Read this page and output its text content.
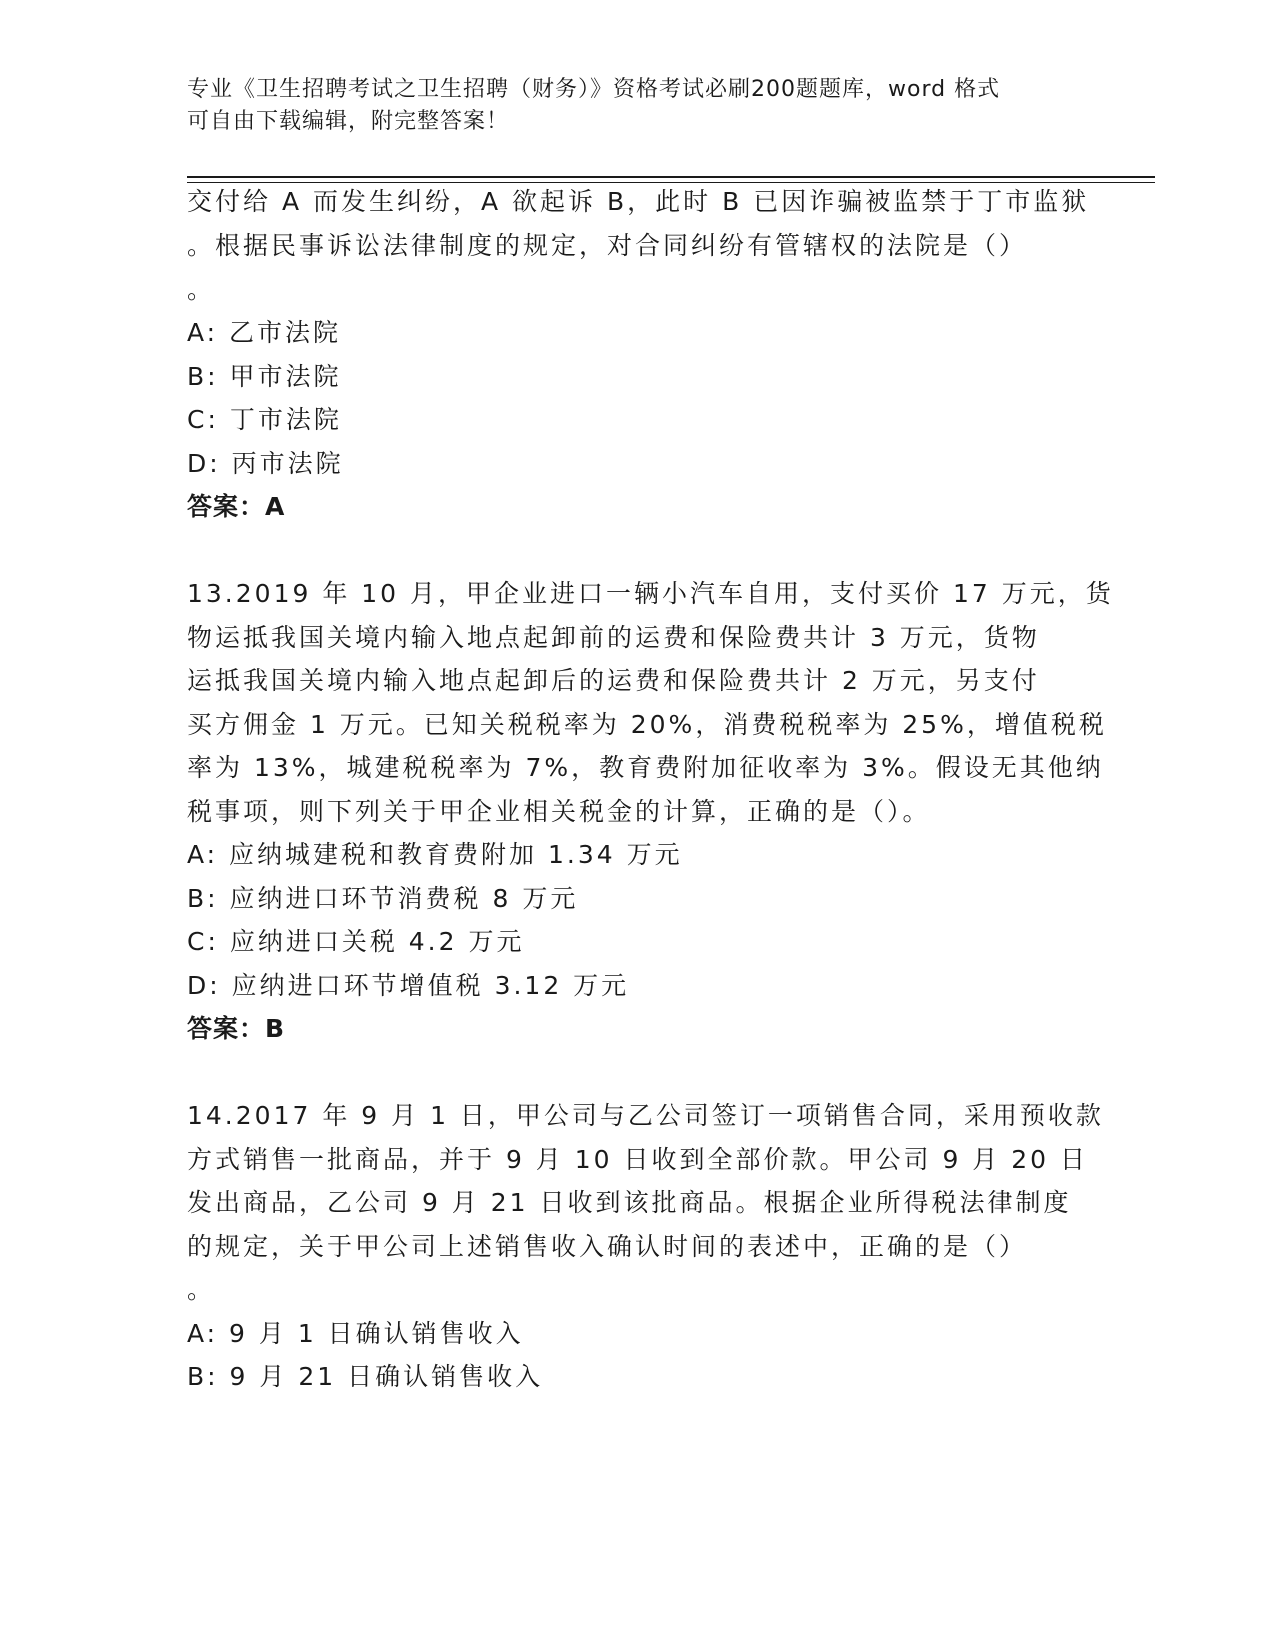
专业《卫生招聘考试之卫生招聘（财务）》资格考试必刷200题题库，word 格式
可自由下载编辑，附完整答案！
交付给 A 而发生纠纷，A 欲起诉 B，此时 B 已因诈骗被监禁于丁市监狱
。根据民事诉讼法律制度的规定，对合同纠纷有管辖权的法院是（）
。
A: 乙市法院
B: 甲市法院
C: 丁市法院
D: 丙市法院
答案：A
13.2019 年 10 月，甲企业进口一辆小汽车自用，支付买价 17 万元，货
物运抵我国关境内输入地点起卸前的运费和保险费共计 3 万元，货物
运抵我国关境内输入地点起卸后的运费和保险费共计 2 万元，另支付
买方佣金 1 万元。已知关税税率为 20%，消费税税率为 25%，增值税税
率为 13%，城建税税率为 7%，教育费附加征收率为 3%。假设无其他纳
税事项，则下列关于甲企业相关税金的计算，正确的是（）。
A: 应纳城建税和教育费附加 1.34 万元
B: 应纳进口环节消费税 8 万元
C: 应纳进口关税 4.2 万元
D: 应纳进口环节增值税 3.12 万元
答案：B
14.2017 年 9 月 1 日，甲公司与乙公司签订一项销售合同，采用预收款
方式销售一批商品，并于 9 月 10 日收到全部价款。甲公司 9 月 20 日
发出商品，乙公司 9 月 21 日收到该批商品。根据企业所得税法律制度
的规定，关于甲公司上述销售收入确认时间的表述中，正确的是（）
。
A: 9 月 1 日确认销售收入
B: 9 月 21 日确认销售收入
